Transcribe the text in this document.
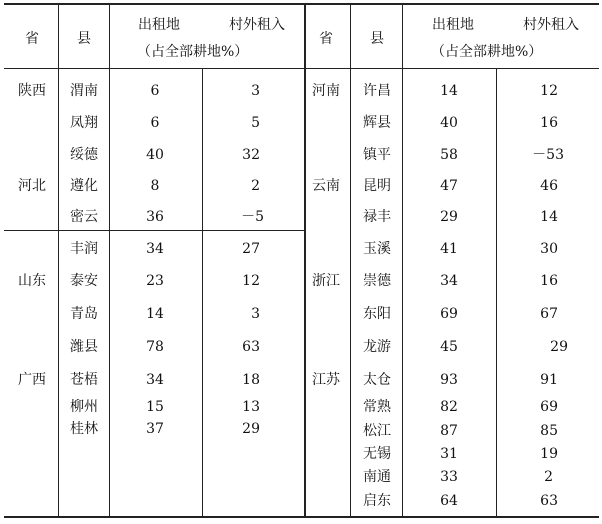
省	县
出租地	村外租入
（占全部耕地%）
省	县
出租地	村外租入
（占全部耕地%）
陕西 渭南	6	3
凤翔	6	5
绥德	40	32
河北 遵化	8	2
密云	36	－5
丰润	34	27
山东 泰安	23	12
青岛	14	3
潍县	78	63
广西 苍梧	34	18
柳州	15	13
桂林	37	29
河南 许昌	14	12
辉县	40	16
镇平	58	－53
云南 昆明	47	46
禄丰	29	14
玉溪	41	30
浙江 崇德	34	16
东阳	69	67
龙游	45	29
江苏 太仓	93	91
常熟	82	69
松江	87	85
无锡	31	19
南通	33	2
启东	64	63
